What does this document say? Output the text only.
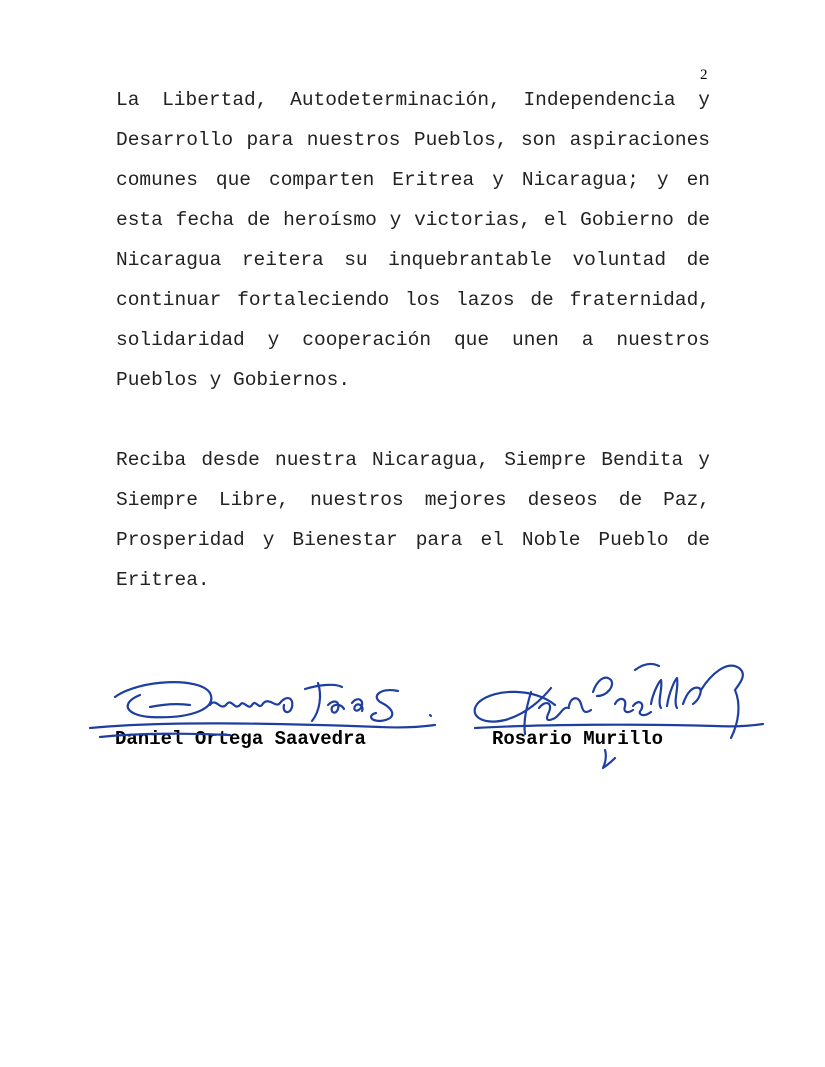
2

La Libertad, Autodeterminación, Independencia y Desarrollo para nuestros Pueblos, son aspiraciones comunes que comparten Eritrea y Nicaragua; y en esta fecha de heroísmo y victorias, el Gobierno de Nicaragua reitera su inquebrantable voluntad de continuar fortaleciendo los lazos de fraternidad, solidaridad y cooperación que unen a nuestros Pueblos y Gobiernos.

Reciba desde nuestra Nicaragua, Siempre Bendita y Siempre Libre, nuestros mejores deseos de Paz, Prosperidad y Bienestar para el Noble Pueblo de Eritrea.

Daniel Ortega Saavedra	Rosario Murillo
